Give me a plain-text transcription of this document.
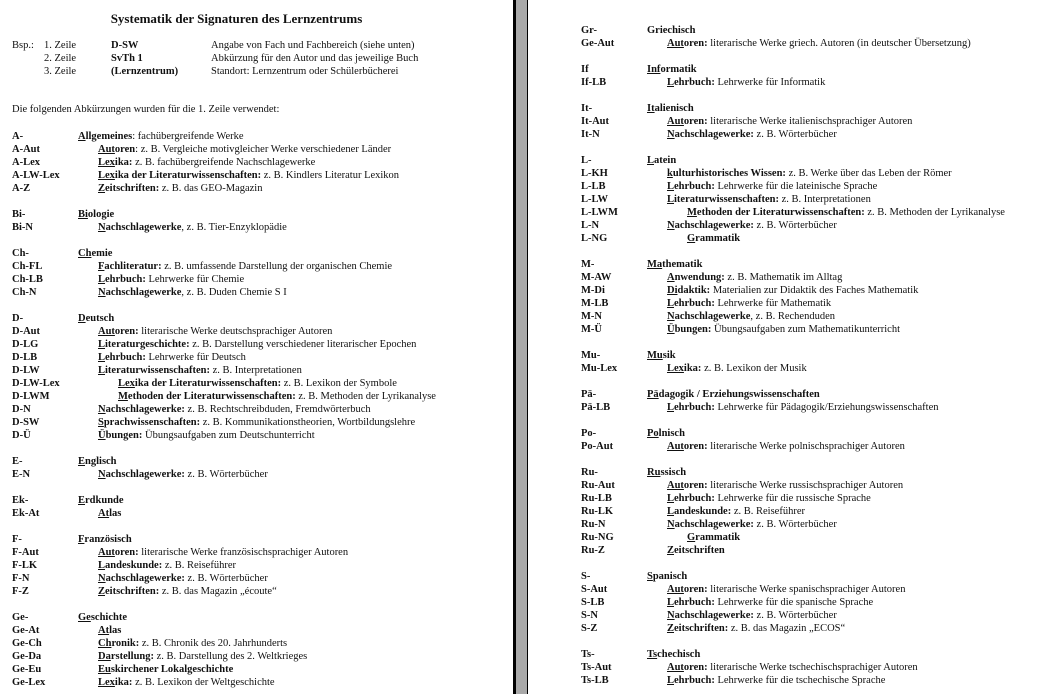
Systematik der Signaturen des Lernzentrums
Bsp.: 1. Zeile	D-SW	Angabe von Fach und Fachbereich (siehe unten)
2. Zeile	SvTh 1	Abkürzung für den Autor und das jeweilige Buch
3. Zeile	(Lernzentrum)	Standort: Lernzentrum oder Schülerbücherei
Die folgenden Abkürzungen wurden für die 1. Zeile verwendet:
A-	Allgemeines: fachübergreifende Werke
A-Aut	Autoren: z. B. Vergleiche motivgleicher Werke verschiedener Länder
A-Lex	Lexika: z. B. fachübergreifende Nachschlagewerke
A-LW-Lex	Lexika der Literaturwissenschaften: z. B. Kindlers Literatur Lexikon
A-Z	Zeitschriften: z. B. das GEO-Magazin
Bi-	Biologie
Bi-N	Nachschlagewerke, z. B. Tier-Enzyklopädie
Ch-	Chemie
Ch-FL	Fachliteratur: z. B. umfassende Darstellung der organischen Chemie
Ch-LB	Lehrbuch: Lehrwerke für Chemie
Ch-N	Nachschlagewerke, z. B. Duden Chemie S I
D-	Deutsch
D-Aut	Autoren: literarische Werke deutschsprachiger Autoren
D-LG	Literaturgeschichte: z. B. Darstellung verschiedener literarischer Epochen
D-LB	Lehrbuch: Lehrwerke für Deutsch
D-LW	Literaturwissenschaften: z. B. Interpretationen
D-LW-Lex	Lexika der Literaturwissenschaften: z. B. Lexikon der Symbole
D-LWM	Methoden der Literaturwissenschaften: z. B. Methoden der Lyrikanalyse
D-N	Nachschlagewerke: z. B. Rechtschreibduden, Fremdwörterbuch
D-SW	Sprachwissenschaften: z. B. Kommunikationstheorien, Wortbildungslehre
D-Ü	Übungen: Übungsaufgaben zum Deutschunterricht
E-	Englisch
E-N	Nachschlagewerke: z. B. Wörterbücher
Ek-	Erdkunde
Ek-At	Atlas
F-	Französisch
F-Aut	Autoren: literarische Werke französischsprachiger Autoren
F-LK	Landeskunde: z. B. Reiseführer
F-N	Nachschlagewerke: z. B. Wörterbücher
F-Z	Zeitschriften: z. B. das Magazin „écoute“
Ge-	Geschichte
Ge-At	Atlas
Ge-Ch	Chronik: z. B. Chronik des 20. Jahrhunderts
Ge-Da	Darstellung: z. B. Darstellung des 2. Weltkrieges
Ge-Eu	Euskirchener Lokalgeschichte
Ge-Lex	Lexika: z. B. Lexikon der Weltgeschichte
Gr-	Griechisch
Ge-Aut	Autoren: literarische Werke griech. Autoren (in deutscher Übersetzung)
If	Informatik
If-LB	Lehrbuch: Lehrwerke für Informatik
It-	Italienisch
It-Aut	Autoren: literarische Werke italienischsprachiger Autoren
It-N	Nachschlagewerke: z. B. Wörterbücher
L-	Latein
L-KH	kulturhistorisches Wissen: z. B. Werke über das Leben der Römer
L-LB	Lehrbuch: Lehrwerke für die lateinische Sprache
L-LW	Literaturwissenschaften: z. B. Interpretationen
L-LWM	Methoden der Literaturwissenschaften: z. B. Methoden der Lyrikanalyse
L-N	Nachschlagewerke: z. B. Wörterbücher
L-NG	Grammatik
M-	Mathematik
M-AW	Anwendung: z. B. Mathematik im Alltag
M-Di	Didaktik: Materialien zur Didaktik des Faches Mathematik
M-LB	Lehrbuch: Lehrwerke für Mathematik
M-N	Nachschlagewerke, z. B. Rechenduden
M-Ü	Übungen: Übungsaufgaben zum Mathematikunterricht
Mu-	Musik
Mu-Lex	Lexika: z. B. Lexikon der Musik
Pä-	Pädagogik / Erziehungswissenschaften
Pä-LB	Lehrbuch: Lehrwerke für Pädagogik/Erziehungswissenschaften
Po-	Polnisch
Po-Aut	Autoren: literarische Werke polnischsprachiger Autoren
Ru-	Russisch
Ru-Aut	Autoren: literarische Werke russischsprachiger Autoren
Ru-LB	Lehrbuch: Lehrwerke für die russische Sprache
Ru-LK	Landeskunde: z. B. Reiseführer
Ru-N	Nachschlagewerke: z. B. Wörterbücher
Ru-NG	Grammatik
Ru-Z	Zeitschriften
S-	Spanisch
S-Aut	Autoren: literarische Werke spanischsprachiger Autoren
S-LB	Lehrbuch: Lehrwerke für die spanische Sprache
S-N	Nachschlagewerke: z. B. Wörterbücher
S-Z	Zeitschriften: z. B. das Magazin „ECOS“
Ts-	Tschechisch
Ts-Aut	Autoren: literarische Werke tschechischsprachiger Autoren
Ts-LB	Lehrbuch: Lehrwerke für die tschechische Sprache
